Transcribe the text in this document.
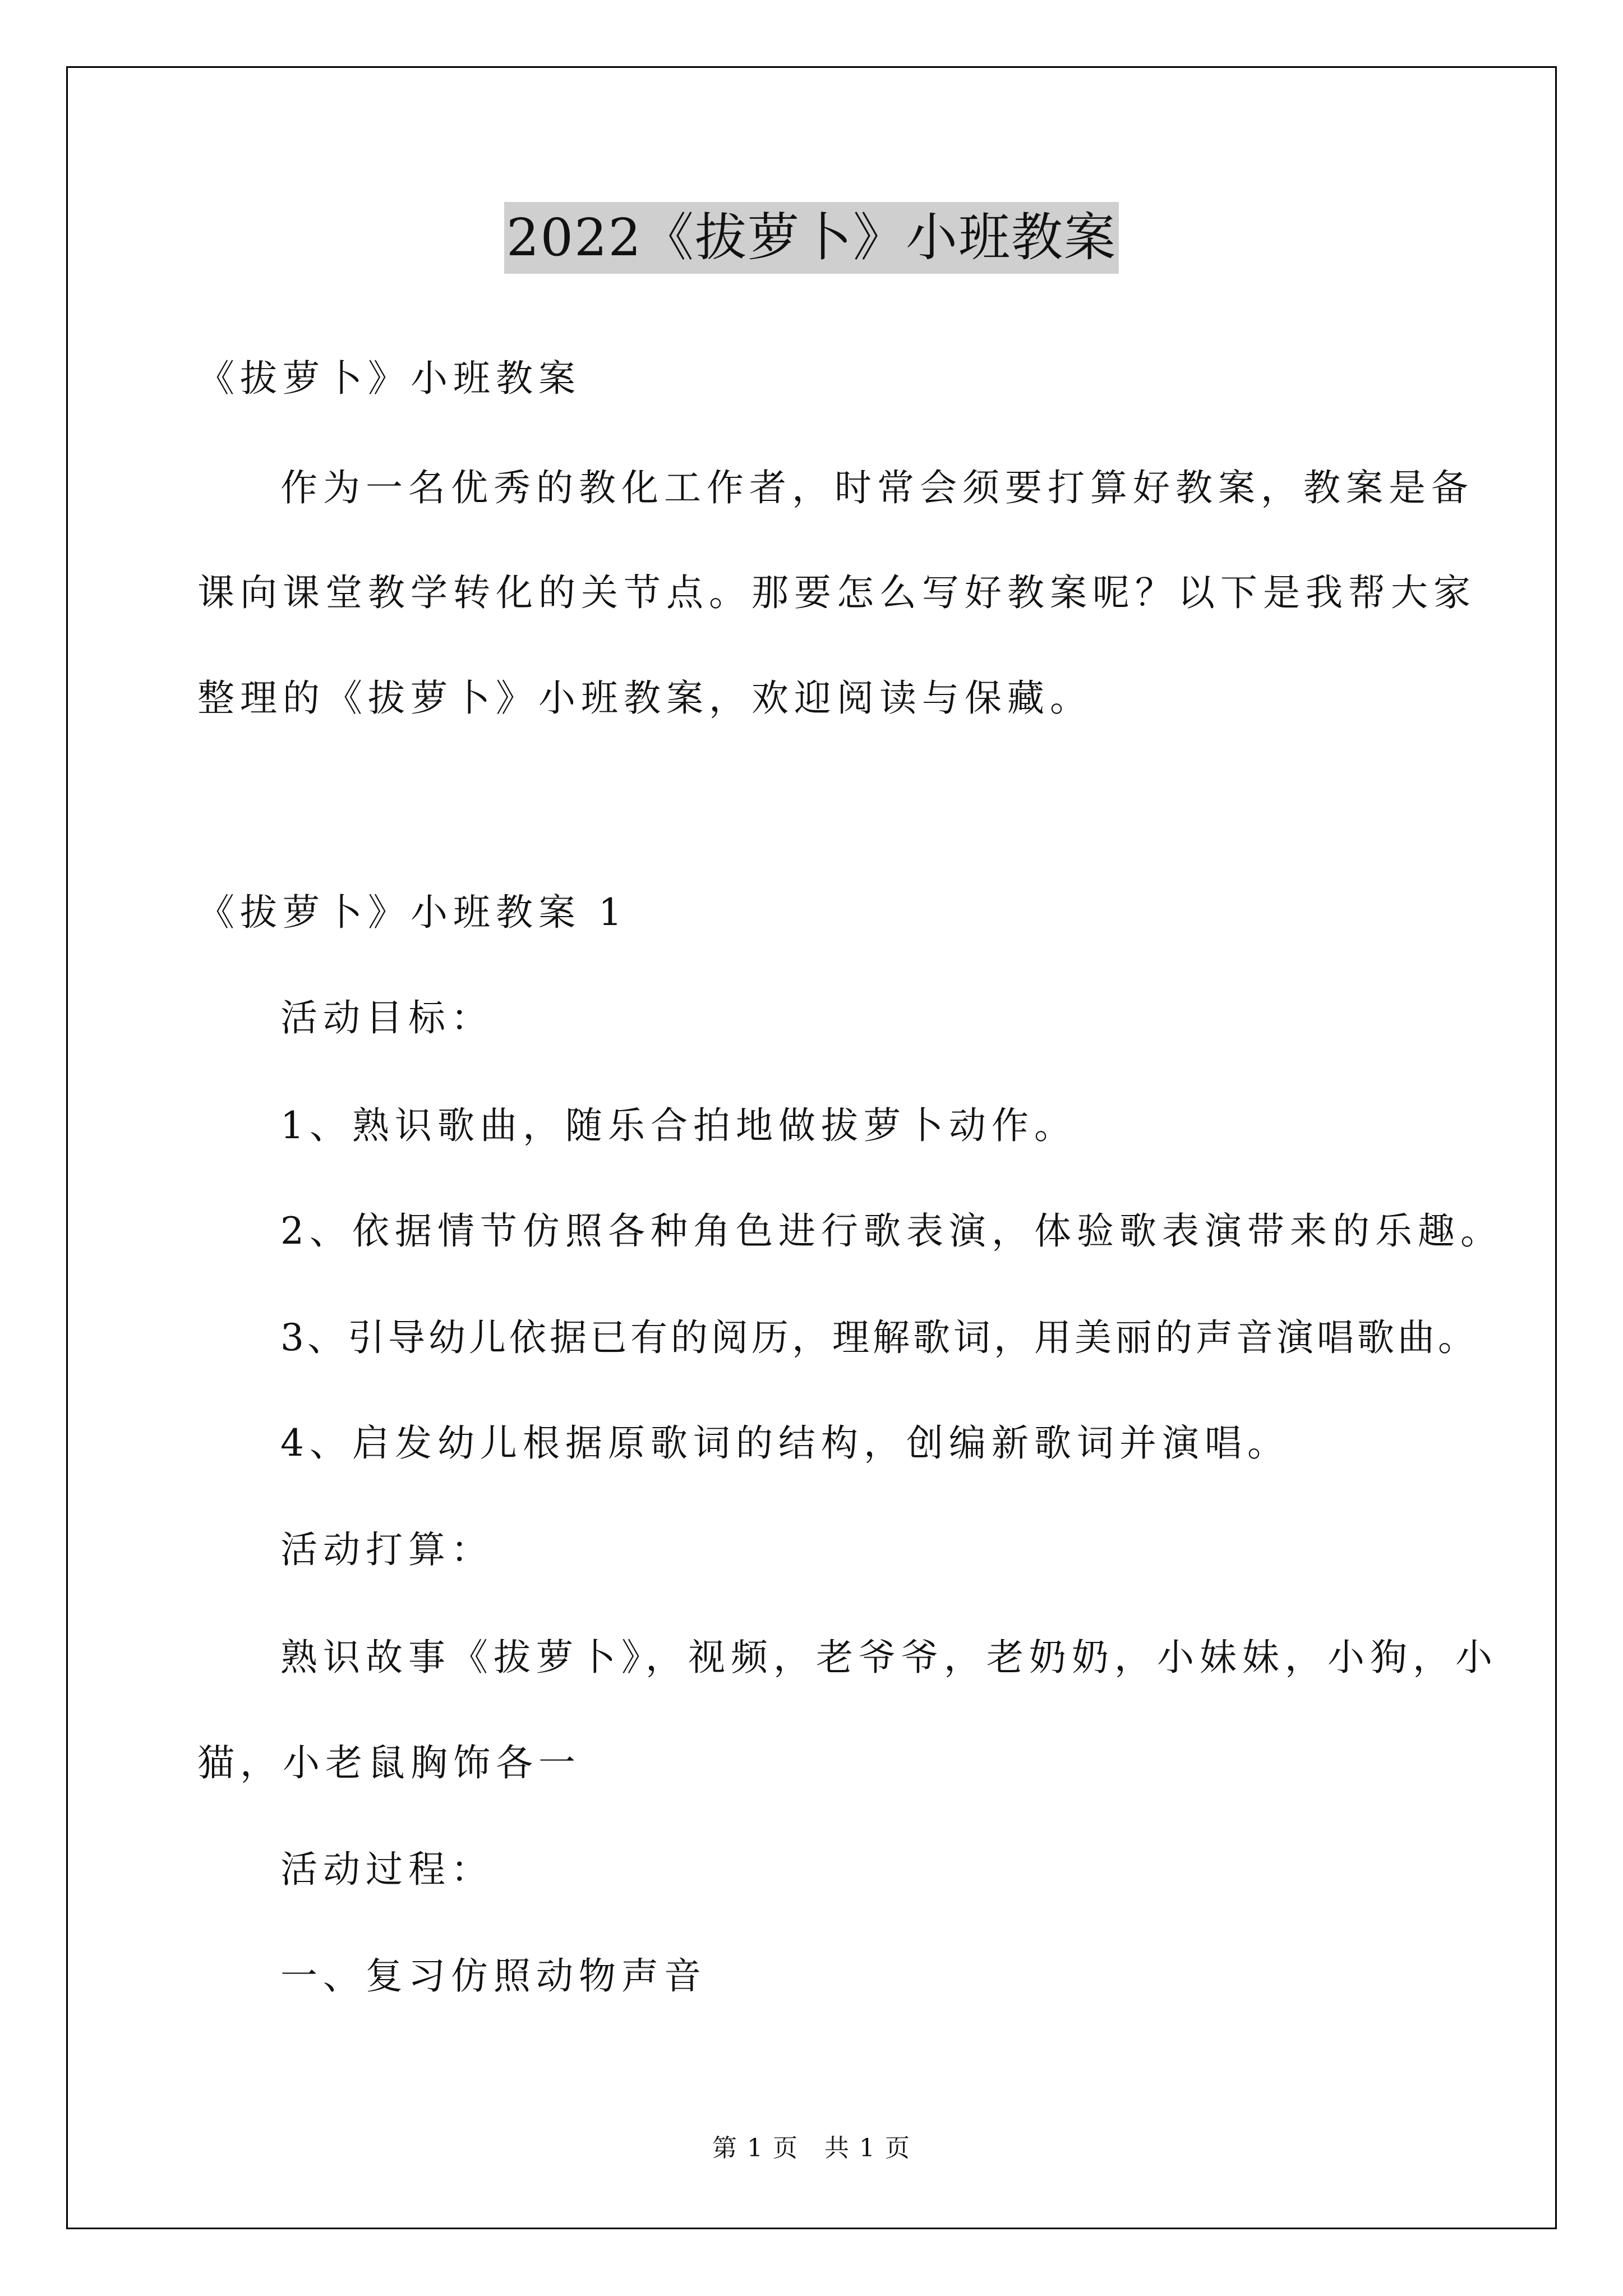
2022《拔萝卜》小班教案
《拔萝卜》小班教案
作为一名优秀的教化工作者，时常会须要打算好教案，教案是备
课向课堂教学转化的关节点。那要怎么写好教案呢？以下是我帮大家
整理的《拔萝卜》小班教案，欢迎阅读与保藏。
《拔萝卜》小班教案 1
活动目标：
1、熟识歌曲，随乐合拍地做拔萝卜动作。
2、依据情节仿照各种角色进行歌表演，体验歌表演带来的乐趣。
3、引导幼儿依据已有的阅历，理解歌词，用美丽的声音演唱歌曲。
4、启发幼儿根据原歌词的结构，创编新歌词并演唱。
活动打算：
熟识故事《拔萝卜》，视频，老爷爷，老奶奶，小妹妹，小狗，小
猫，小老鼠胸饰各一
活动过程：
一、复习仿照动物声音
第 1 页　共 1 页
